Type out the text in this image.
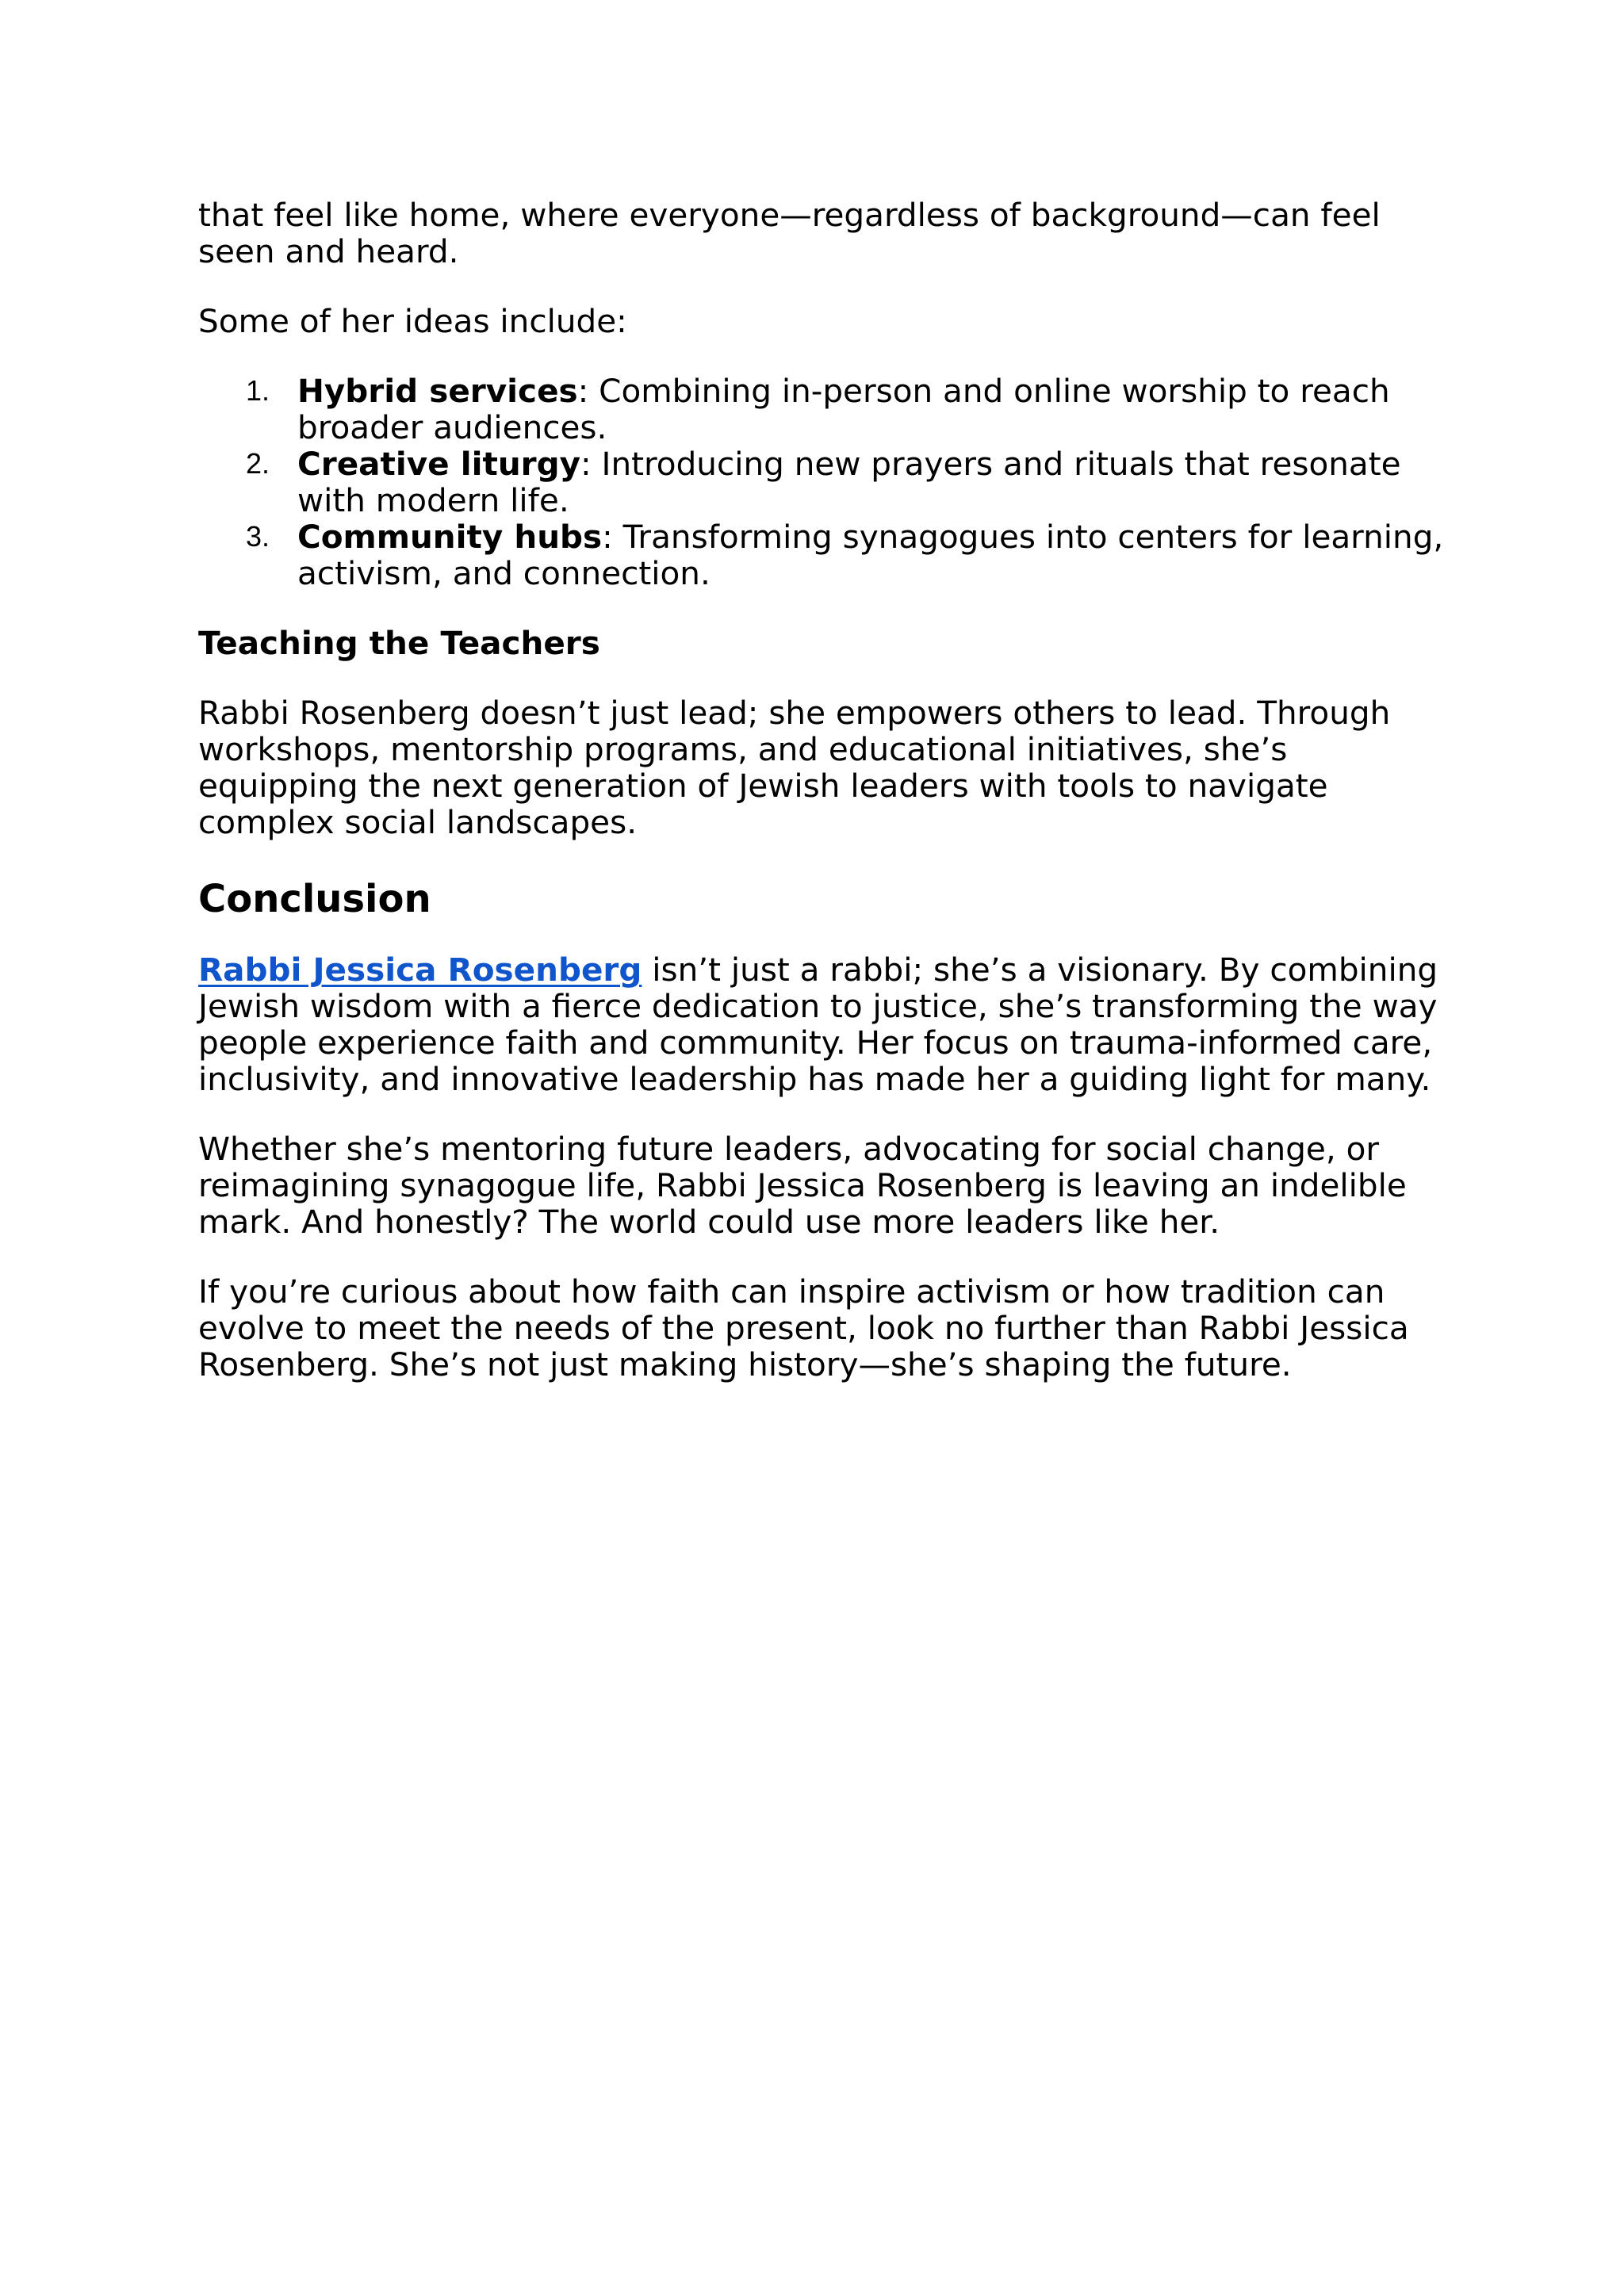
that feel like home, where everyone—regardless of background—can feel seen and heard.

Some of her ideas include:

1. Hybrid services: Combining in-person and online worship to reach broader audiences.
2. Creative liturgy: Introducing new prayers and rituals that resonate with modern life.
3. Community hubs: Transforming synagogues into centers for learning, activism, and connection.

Teaching the Teachers

Rabbi Rosenberg doesn’t just lead; she empowers others to lead. Through workshops, mentorship programs, and educational initiatives, she’s equipping the next generation of Jewish leaders with tools to navigate complex social landscapes.

Conclusion

Rabbi Jessica Rosenberg isn’t just a rabbi; she’s a visionary. By combining Jewish wisdom with a fierce dedication to justice, she’s transforming the way people experience faith and community. Her focus on trauma-informed care, inclusivity, and innovative leadership has made her a guiding light for many.

Whether she’s mentoring future leaders, advocating for social change, or reimagining synagogue life, Rabbi Jessica Rosenberg is leaving an indelible mark. And honestly? The world could use more leaders like her.

If you’re curious about how faith can inspire activism or how tradition can evolve to meet the needs of the present, look no further than Rabbi Jessica Rosenberg. She’s not just making history—she’s shaping the future.
